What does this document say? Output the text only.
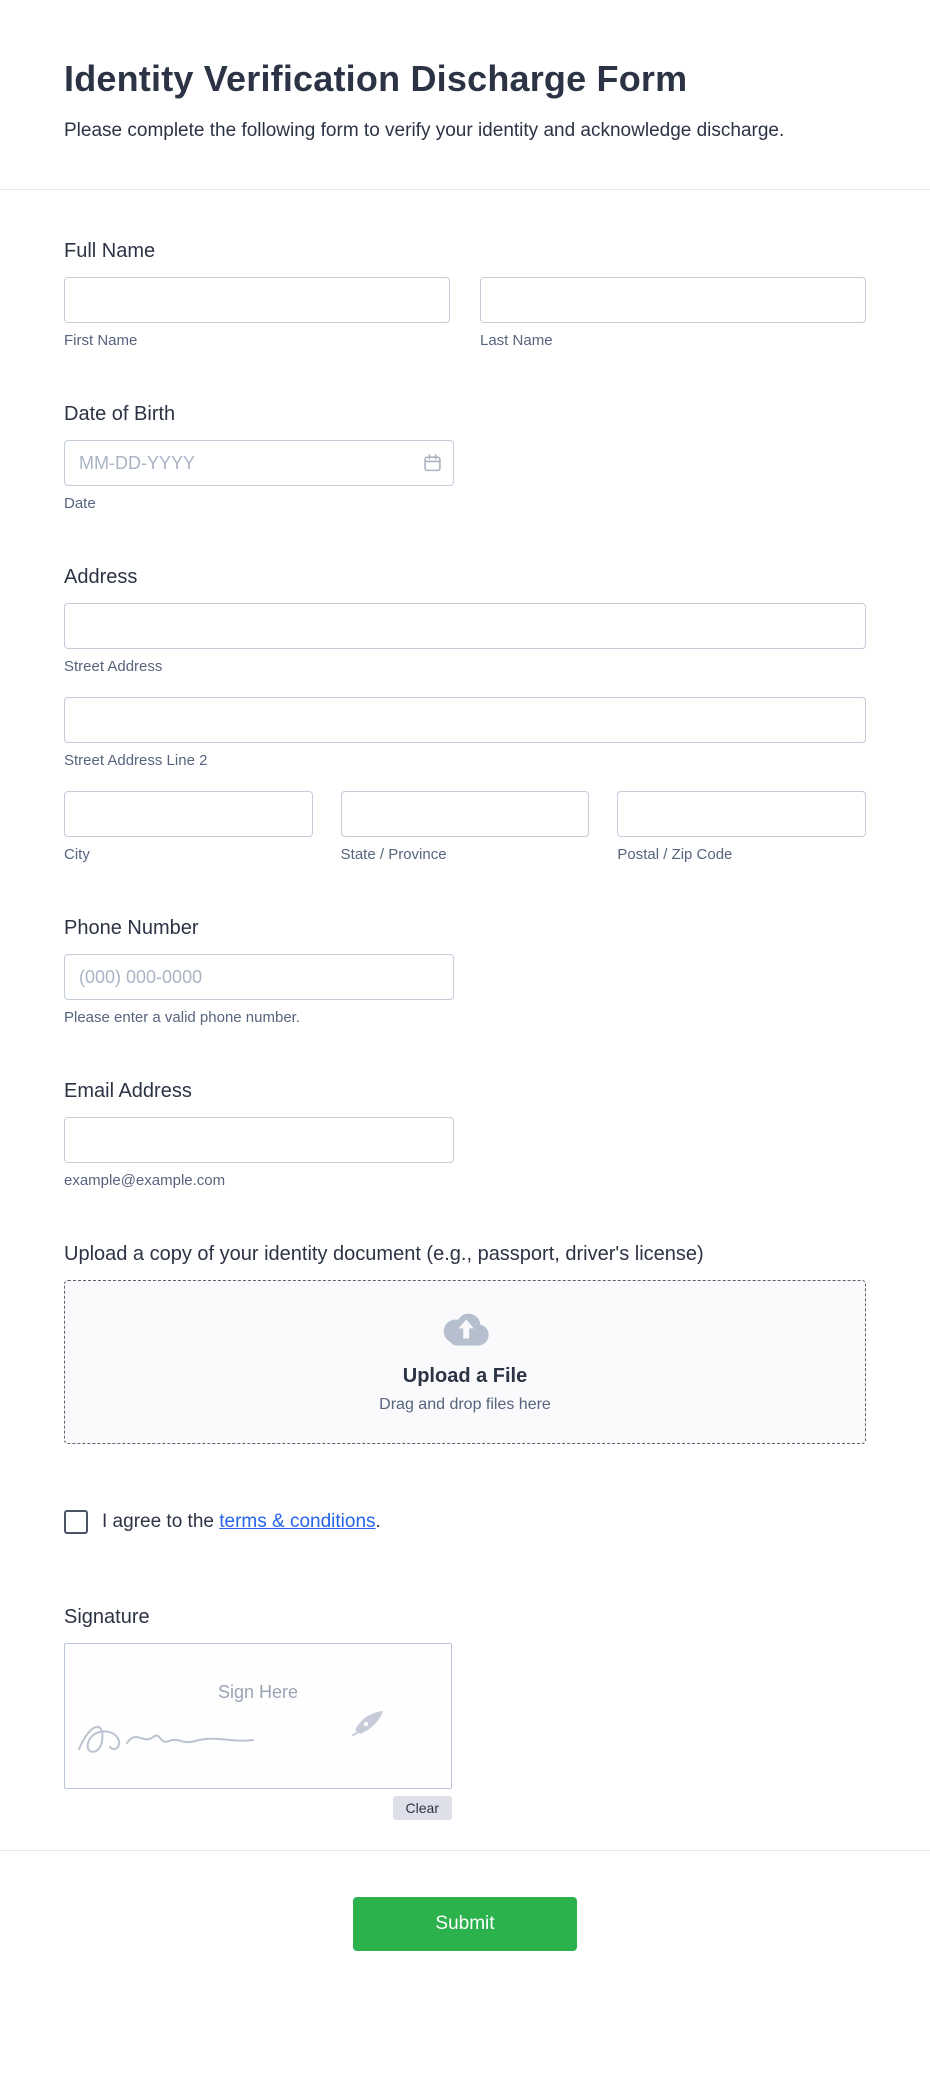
Identity Verification Discharge Form

Please complete the following form to verify your identity and acknowledge discharge.

Full Name
First Name	Last Name
Date of Birth
MM-DD-YYYY
Date
Address
Street Address
Street Address Line 2
City	State / Province	Postal / Zip Code
Phone Number
(000) 000-0000
Please enter a valid phone number.
Email Address
example@example.com
Upload a copy of your identity document (e.g., passport, driver's license)
Upload a File
Drag and drop files here
I agree to the terms & conditions.
Signature
Sign Here
Clear
Submit
